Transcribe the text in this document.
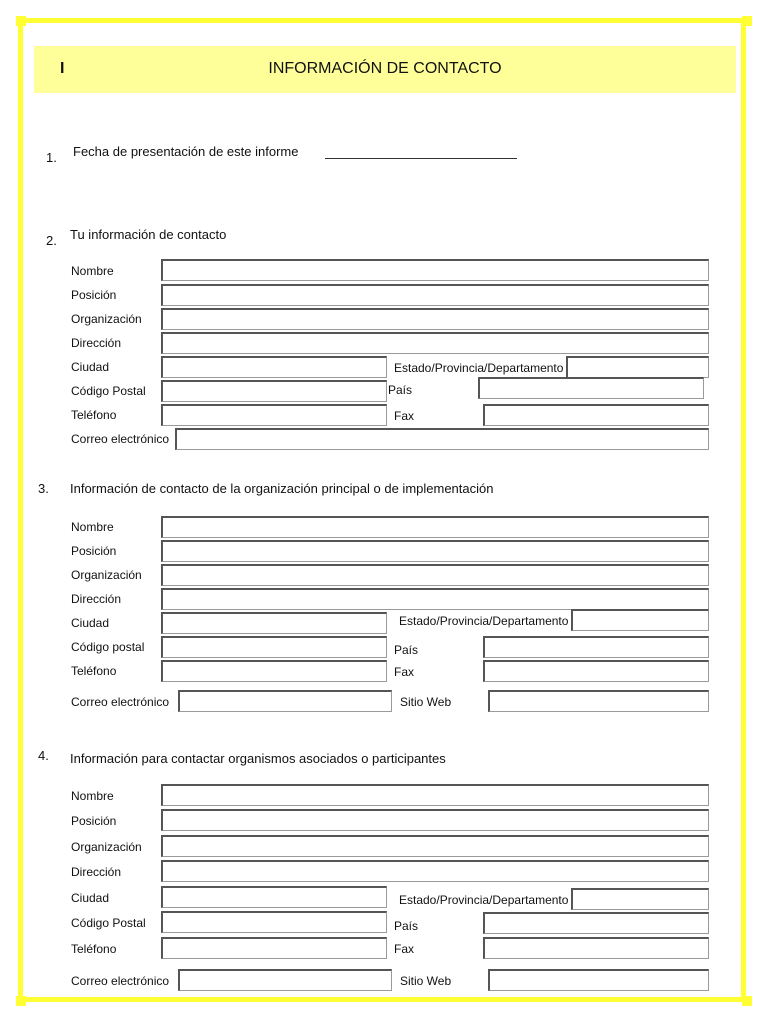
I	INFORMACIÓN DE CONTACTO
1. Fecha de presentación de este informe
2. Tu información de contacto
Nombre
Posición
Organización
Dirección
Ciudad	Estado/Provincia/Departamento
Código Postal	País
Teléfono	Fax
Correo electrónico
3. Información de contacto de la organización principal o de implementación
Nombre
Posición
Organización
Dirección
Ciudad	Estado/Provincia/Departamento
Código postal	País
Teléfono	Fax
Correo electrónico	Sitio Web
4. Información para contactar organismos asociados o participantes
Nombre
Posición
Organización
Dirección
Ciudad	Estado/Provincia/Departamento
Código Postal	País
Teléfono	Fax
Correo electrónico	Sitio Web
